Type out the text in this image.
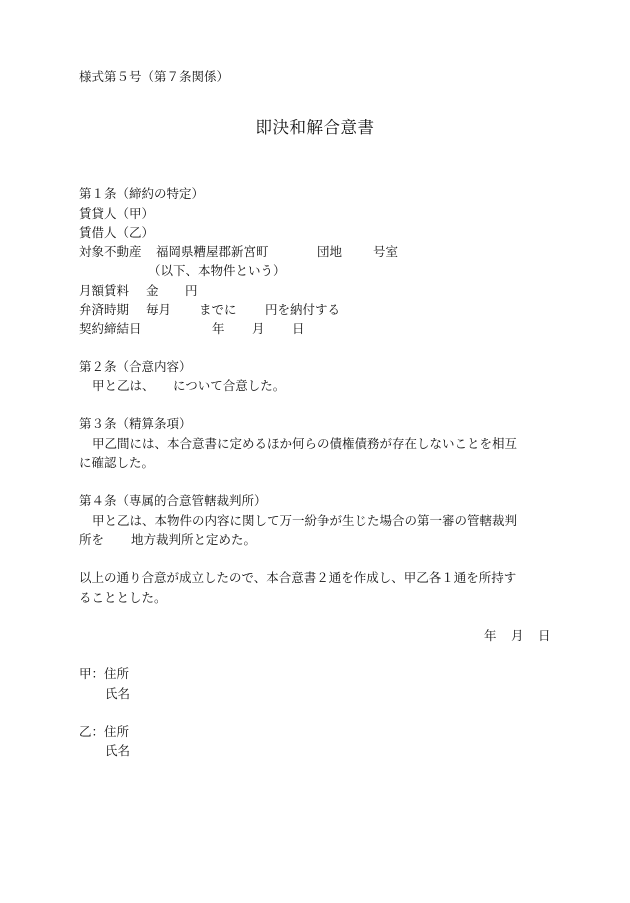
様式第５号（第７条関係）
即決和解合意書
第１条（締約の特定）
賃貸人（甲）
賃借人（乙）
対象不動産 福岡県糟屋郡新宮町	団地 号室
（以下、本物件という）
月額賃料 金 円
弁済時期 毎月 までに 円を納付する
契約締結日	年 月 日
第２条（合意内容）
甲と乙は、 について合意した。
第３条（精算条項）
甲乙間には、本合意書に定めるほか何らの債権債務が存在しないことを相互
に確認した。
第４条（専属的合意管轄裁判所）
甲と乙は、本物件の内容に関して万一紛争が生じた場合の第一審の管轄裁判
所を 地方裁判所と定めた。
以上の通り合意が成立したので、本合意書２通を作成し、甲乙各１通を所持す
ることとした。
年 月 日
甲：住所
氏名
乙：住所
氏名
